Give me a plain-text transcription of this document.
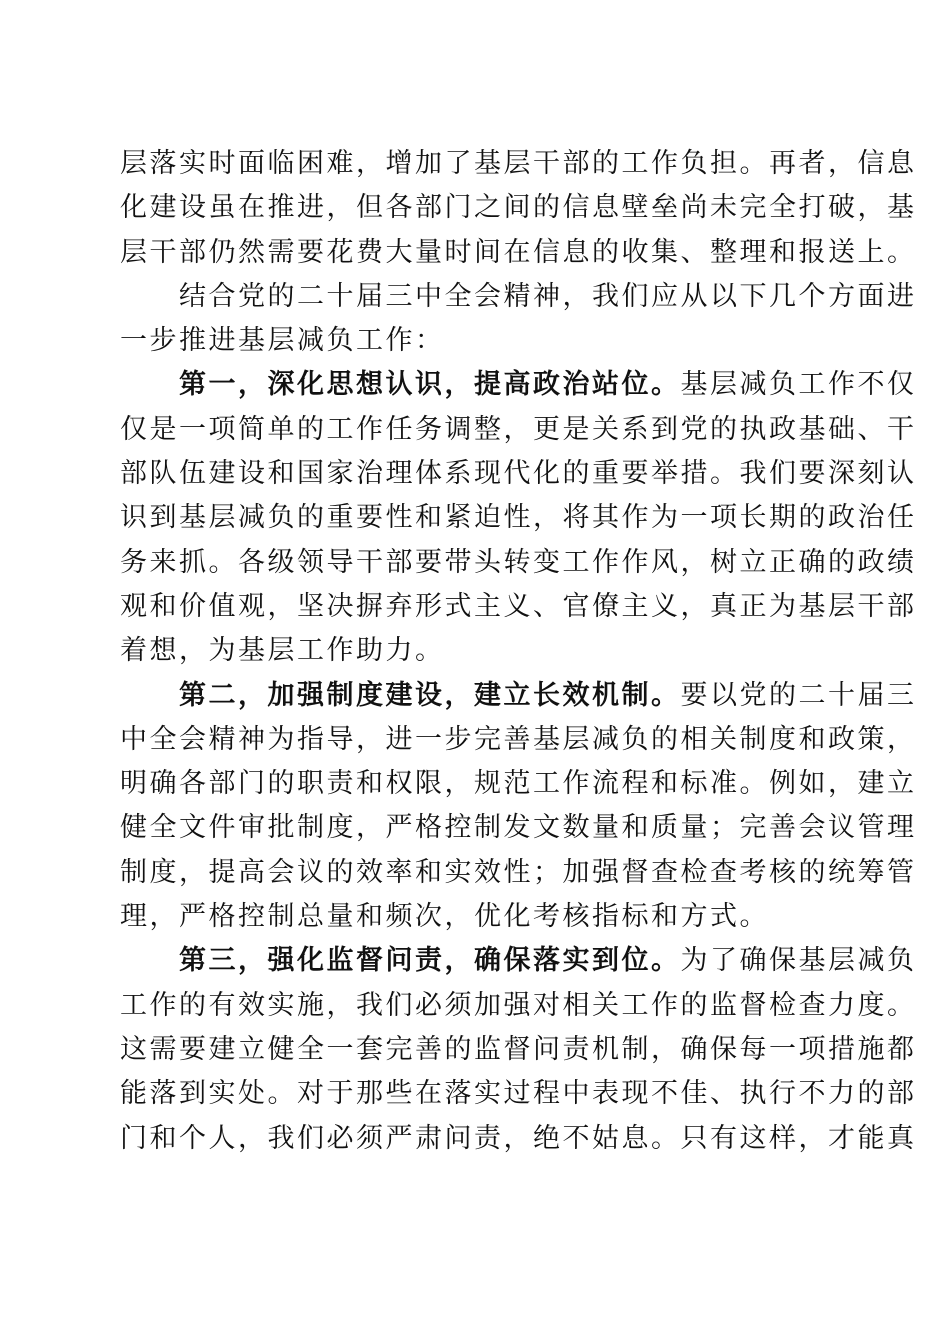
层落实时面临困难，增加了基层干部的工作负担。再者，信息
化建设虽在推进，但各部门之间的信息壁垒尚未完全打破，基
层干部仍然需要花费大量时间在信息的收集、整理和报送上。

结合党的二十届三中全会精神，我们应从以下几个方面进
一步推进基层减负工作：

第一，深化思想认识，提高政治站位。基层减负工作不仅
仅是一项简单的工作任务调整，更是关系到党的执政基础、干
部队伍建设和国家治理体系现代化的重要举措。我们要深刻认
识到基层减负的重要性和紧迫性，将其作为一项长期的政治任
务来抓。各级领导干部要带头转变工作作风，树立正确的政绩
观和价值观，坚决摒弃形式主义、官僚主义，真正为基层干部
着想，为基层工作助力。

第二，加强制度建设，建立长效机制。要以党的二十届三
中全会精神为指导，进一步完善基层减负的相关制度和政策，
明确各部门的职责和权限，规范工作流程和标准。例如，建立
健全文件审批制度，严格控制发文数量和质量；完善会议管理
制度，提高会议的效率和实效性；加强督查检查考核的统筹管
理，严格控制总量和频次，优化考核指标和方式。

第三，强化监督问责，确保落实到位。为了确保基层减负
工作的有效实施，我们必须加强对相关工作的监督检查力度。
这需要建立健全一套完善的监督问责机制，确保每一项措施都
能落到实处。对于那些在落实过程中表现不佳、执行不力的部
门和个人，我们必须严肃问责，绝不姑息。只有这样，才能真
